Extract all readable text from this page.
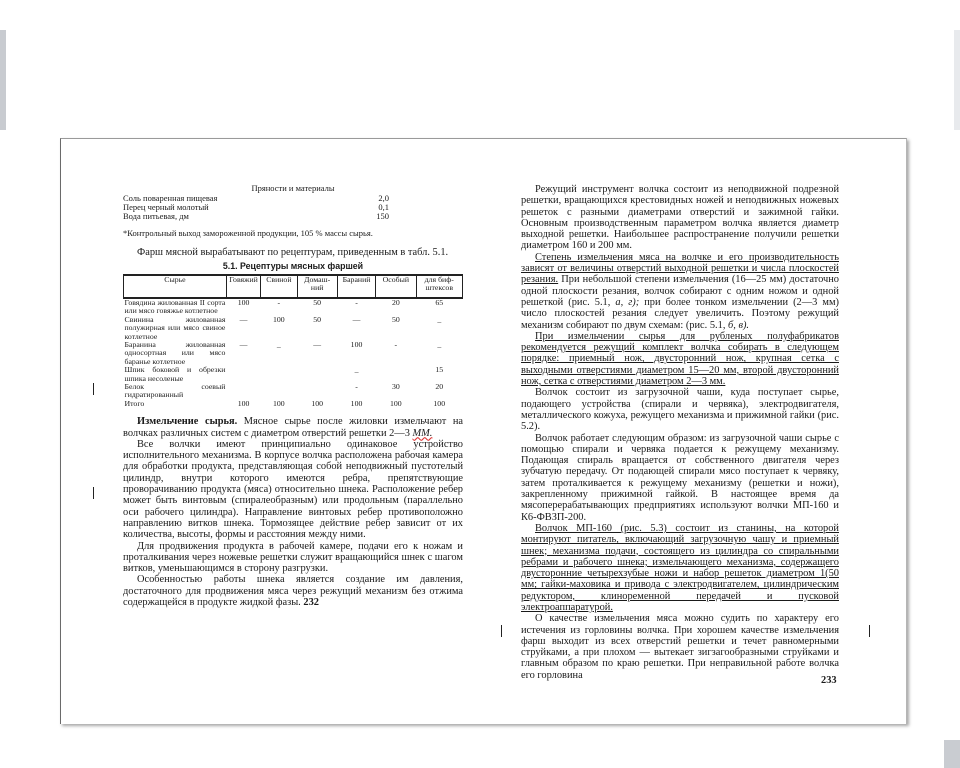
Пряности и материалы
Соль поваренная пищевая	2,0
Перец черный молотый	0,1
Вода питьевая, дм	150
*Контрольный выход замороженной продукции, 105 % массы сырья.

Фарш мясной вырабатывают по рецептурам, приведенным в табл. 5.1.

5.1. Рецептуры мясных фаршей
Сырье	Говяжий	Свиной	Домаш-ний	Бараний	Особый	для биф-штексов
Говядина жилованная II сорта или мясо говяжье котлетное	100	-	50	-	20	65
Свинина жилованная полужирная или мясо свиное котлетное	—	100	50	—	50	_
Баранина жилованная односортная или мясо баранье котлетное	—	_	—	100	-	_
Шпик боковой и обрезки шпика несоленые				_		15
Белок соевый гидратированный				-	30	20
Итого	100	100	100	100	100	100

Измельчение сырья. Мясное сырье после жиловки измельчают на волчках различных систем с диаметром отверстий решетки 2—3 ММ.

Все волчки имеют принципиально одинаковое устройство исполнительного механизма. В корпусе волчка расположена рабочая камера для обработки продукта, представляющая собой неподвижный пустотелый цилиндр, внутри которого имеются ребра, препятствующие проворачиванию продукта (мяса) относительно шнека. Расположение ребер может быть винтовым (спиралеобразным) или продольным (параллельно оси рабочего цилиндра). Направление винтовых ребер противоположно направлению витков шнека. Тормозящее действие ребер зависит от их количества, высоты, формы и расстояния между ними.

Для продвижения продукта в рабочей камере, подачи его к ножам и проталкивания через ножевые решетки служит вращающийся шнек с шагом витков, уменьшающимся в сторону разгрузки.

Особенностью работы шнека является создание им давления, достаточного для продвижения мяса через режущий механизм без отжима содержащейся в продукте жидкой фазы. 232

Режущий инструмент волчка состоит из неподвижной подрезной решетки, вращающихся крестовидных ножей и неподвижных ножевых решеток с разными диаметрами отверстий и зажимной гайки. Основным производственным параметром волчка является диаметр выходной решетки. Наибольшее распространение получили решетки диаметром 160 и 200 мм.

Степень измельчения мяса на волчке и его производительность зависят от величины отверстий выходной решетки и числа плоскостей резания. При небольшой степени измельчения (16—25 мм) достаточно одной плоскости резания, волчок собирают с одним ножом и одной решеткой (рис. 5.1, а, г); при более тонком измельчении (2—3 мм) число плоскостей резания следует увеличить. Поэтому режущий механизм собирают по двум схемам: (рис. 5.1, б, в).

При измельчении сырья для рубленых полуфабрикатов рекомендуется режущий комплект волчка собирать в следующем порядке: приемный нож, двусторонний нож, крупная сетка с выходными отверстиями диаметром 15—20 мм, второй двусторонний нож, сетка с отверстиями диаметром 2—3 мм.

Волчок состоит из загрузочной чаши, куда поступает сырье, подающего устройства (спирали и червяка), электродвигателя, металлического кожуха, режущего механизма и прижимной гайки (рис. 5.2).

Волчок работает следующим образом: из загрузочной чаши сырье с помощью спирали и червяка подается к режущему механизму. Подающая спираль вращается от собственного двигателя через зубчатую передачу. От подающей спирали мясо поступает к червяку, затем проталкивается к режущему механизму (решетки и ножи), закрепленному прижимной гайкой. В настоящее время да мясоперерабатывающих предприятиях используют волчки МП-160 и К6-ФВЗП-200.

Волчок МП-160 (рис. 5.3) состоит из станины, на которой монтируют питатель, включающий загрузочную чашу и приемный шнек; механизма подачи, состоящего из цилиндра со спиральными ребрами и рабочего шнека; измельчающего механизма, содержащего двусторонние четырехзубые ножи и набор решеток диаметром 1(50 мм; гайки-маховика и привода с электродвигателем, цилиндрическим редуктором, клиноременной передачей и пусковой электроаппаратурой.

О качестве измельчения мяса можно судить по характеру его истечения из горловины волчка. При хорошем качестве измельчения фарш выходит из всех отверстий решетки и течет равномерными струйками, а при плохом — вытекает зигзагообразными струйками и главным образом по краю решетки. При неправильной работе волчка его горловина	233
